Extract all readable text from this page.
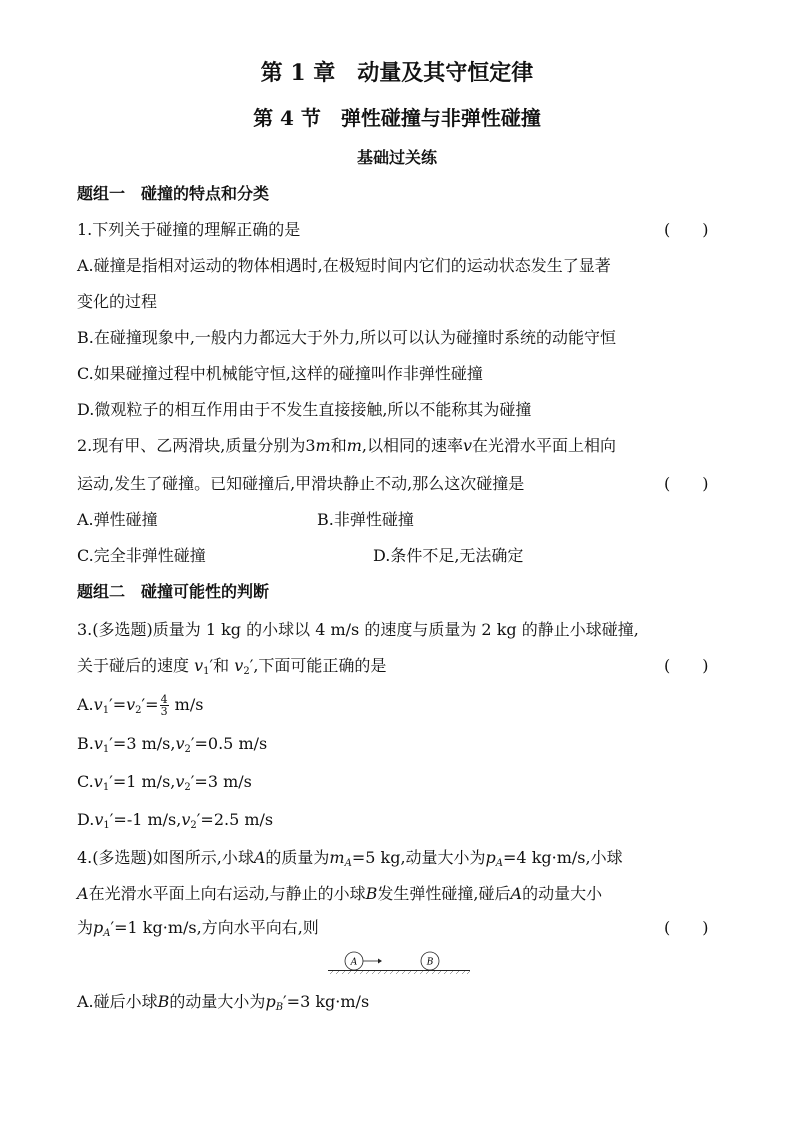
第 1 章　动量及其守恒定律
第 4 节　弹性碰撞与非弹性碰撞
基础过关练
题组一　碰撞的特点和分类
1.下列关于碰撞的理解正确的是	(　　)
A.碰撞是指相对运动的物体相遇时,在极短时间内它们的运动状态发生了显著
变化的过程
B.在碰撞现象中,一般内力都远大于外力,所以可以认为碰撞时系统的动能守恒
C.如果碰撞过程中机械能守恒,这样的碰撞叫作非弹性碰撞
D.微观粒子的相互作用由于不发生直接接触,所以不能称其为碰撞
2.现有甲、乙两滑块,质量分别为3m和m,以相同的速率v在光滑水平面上相向
运动,发生了碰撞。已知碰撞后,甲滑块静止不动,那么这次碰撞是	(　　)
A.弹性碰撞	B.非弹性碰撞
C.完全非弹性碰撞	D.条件不足,无法确定
题组二　碰撞可能性的判断
3.(多选题)质量为 1 kg 的小球以 4 m/s 的速度与质量为 2 kg 的静止小球碰撞,
关于碰后的速度 $v_1'$和 $v_2'$,下面可能正确的是	(　　)
$A.v_1'=v_2'= \frac{4}{3} m/s$
$B.v_1'=3$ $m/s,v_2'=0.5$ m/s
$C.v_1'=1$ $m/s,v_2'=3$ m/s
$D.v_1'=-1$ $m/s,v_2'=2.5$ m/s
4.(多选题)如图所示,小球A的质量为$m_A=5$ kg,动量大小为$p_A=4$ kg·m/s,小球
A在光滑水平面上向右运动,与静止的小球B发生弹性碰撞,碰后A的动量大小
为$p_A'=1$ kg·m/s,方向水平向右,则	(　　)
A	B
A.碰后小球B的动量大小为$p_B'=3$ kg·m/s
